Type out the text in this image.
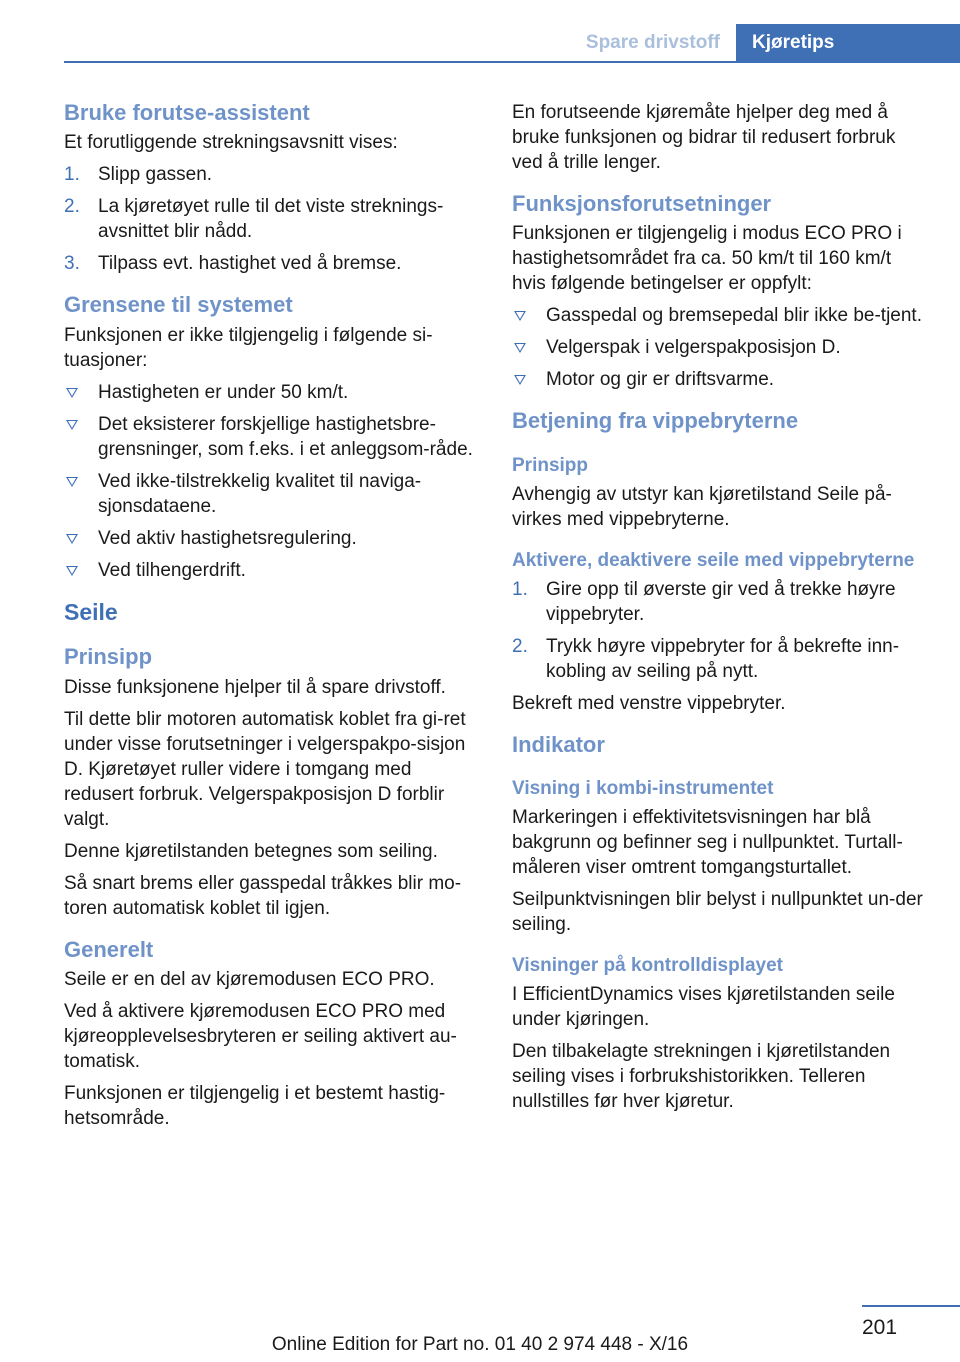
Spare drivstoff Kjøretips
Bruke forutse-assistent

Et forutliggende strekningsavsnitt vises:

1. Slipp gassen.
2. La kjøretøyet rulle til det viste streknings‐avsnittet blir nådd.
3. Tilpass evt. hastighet ved å bremse.
Grensene til systemet

Funksjonen er ikke tilgjengelig i følgende si‐tuasjoner:

Hastigheten er under 50 km/t.
Det eksisterer forskjellige hastighetsbre‐grensninger, som f.eks. i et anleggsom‐råde.
Ved ikke-tilstrekkelig kvalitet til naviga‐sjonsdataene.
Ved aktiv hastighetsregulering.
Ved tilhengerdrift.
Seile
Prinsipp

Disse funksjonene hjelper til å spare drivstoff.

Til dette blir motoren automatisk koblet fra gi‐ret under visse forutsetninger i velgerspakpo‐sisjon D. Kjøretøyet ruller videre i tomgang med redusert forbruk. Velgerspakposisjon D forblir valgt.

Denne kjøretilstanden betegnes som seiling.

Så snart brems eller gasspedal tråkkes blir mo‐toren automatisk koblet til igjen.

Generelt

Seile er en del av kjøremodusen ECO PRO.

Ved å aktivere kjøremodusen ECO PRO med kjøreopplevelsesbryteren er seiling aktivert au‐tomatisk.

Funksjonen er tilgjengelig i et bestemt hastig‐hetsområde.

En forutseende kjøremåte hjelper deg med å bruke funksjonen og bidrar til redusert forbruk ved å trille lenger.

Funksjonsforutsetninger

Funksjonen er tilgjengelig i modus ECO PRO i hastighetsområdet fra ca. 50 km/t til 160 km/t hvis følgende betingelser er oppfylt:

Gasspedal og bremsepedal blir ikke be‐tjent.
Velgerspak i velgerspakposisjon D.
Motor og gir er driftsvarme.
Betjening fra vippebryterne
Prinsipp

Avhengig av utstyr kan kjøretilstand Seile på‐virkes med vippebryterne.

Aktivere, deaktivere seile med vippebryterne
1. Gire opp til øverste gir ved å trekke høyre vippebryter.
2. Trykk høyre vippebryter for å bekrefte inn‐kobling av seiling på nytt.

Bekreft med venstre vippebryter.

Indikator
Visning i kombi-instrumentet

Markeringen i effektivitetsvisningen har blå bakgrunn og befinner seg i nullpunktet. Turtall‐måleren viser omtrent tomgangsturtallet.

Seilpunktvisningen blir belyst i nullpunktet un‐der seiling.

Visninger på kontrolldisplayet

I EfficientDynamics vises kjøretilstanden seile under kjøringen.

Den tilbakelagte strekningen i kjøretilstanden seiling vises i forbrukshistorikken. Telleren nullstilles før hver kjøretur.

201
Online Edition for Part no. 01 40 2 974 448 - X/16
